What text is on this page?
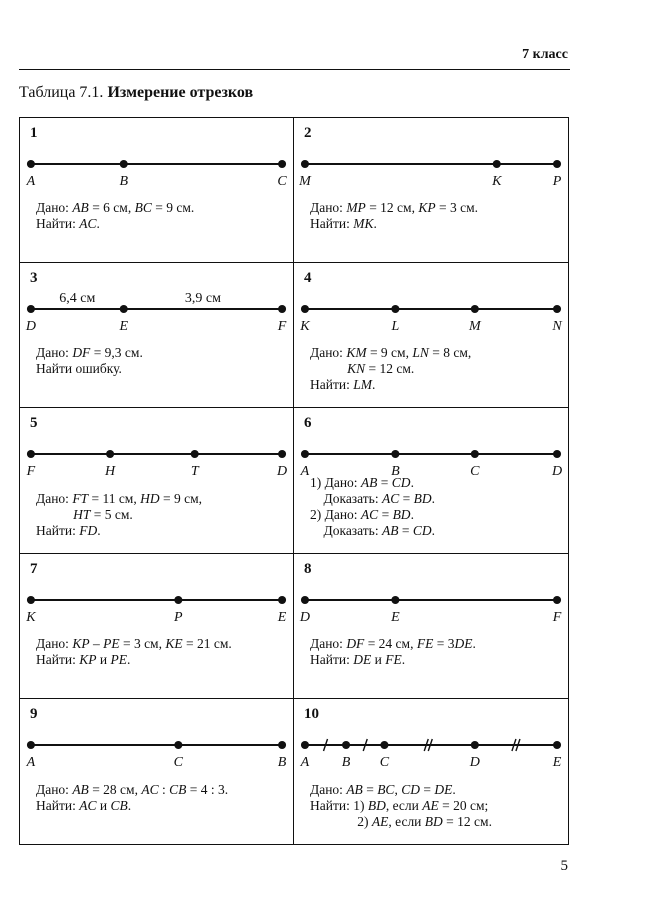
7 класс
Таблица 7.1. Измерение отрезков
1
A	B	C
Дано: AB = 6 см, BC = 9 см.
Найти: AC.
2
M	K	P
Дано: MP = 12 см, KP = 3 см.
Найти: MK.
3
D	E	F
6,4 см	3,9 см
Дано: DF = 9,3 см.
Найти ошибку.
4
K	L	M	N
Дано: KM = 9 см, LN = 8 см,
KN = 12 см.
Найти: LM.
5
F	H	T	D
Дано: FT = 11 см, HD = 9 см,
HT = 5 см.
Найти: FD.
6
A	B	C	D
1) Дано: AB = CD.
Доказать: AC = BD.
2) Дано: AC = BD.
Доказать: AB = CD.
7
K	P	E
Дано: KP – PE = 3 см, KE = 21 см.
Найти: KP и PE.
8
D	E	F
Дано: DF = 24 см, FE = 3DE.
Найти: DE и FE.
9
A	C	B
Дано: AB = 28 см, AC : CB = 4 : 3.
Найти: AC и CB.
10
A B C	D	E
Дано: AB = BC, CD = DE.
Найти: 1) BD, если AE = 20 см;
2) AE, если BD = 12 см.
5
